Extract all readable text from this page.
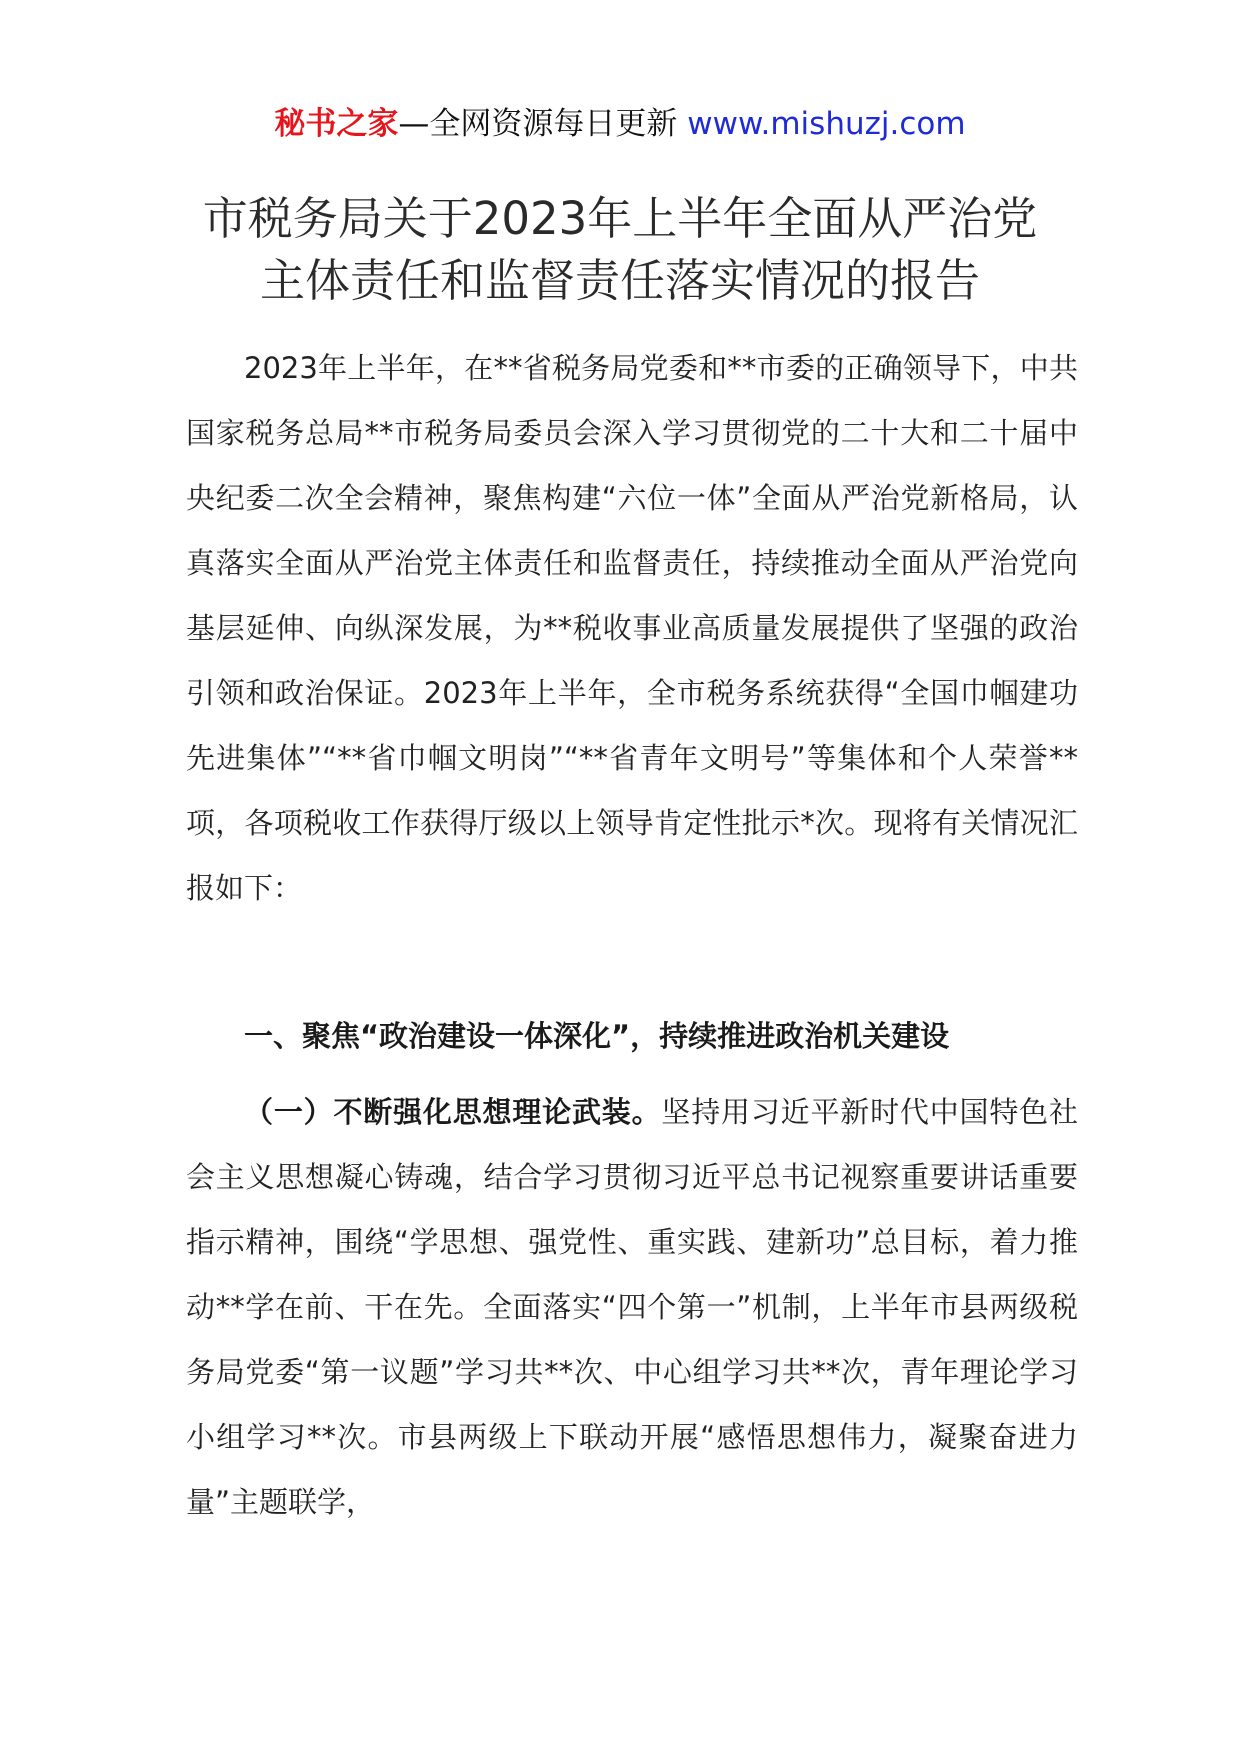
秘书之家—全网资源每日更新 www.mishuzj.com
市税务局关于2023年上半年全面从严治党
主体责任和监督责任落实情况的报告
2023年上半年，在**省税务局党委和**市委的正确领导下，中共国家税务总局**市税务局委员会深入学习贯彻党的二十大和二十届中央纪委二次全会精神，聚焦构建“六位一体”全面从严治党新格局，认真落实全面从严治党主体责任和监督责任，持续推动全面从严治党向基层延伸、向纵深发展，为**税收事业高质量发展提供了坚强的政治引领和政治保证。2023年上半年，全市税务系统获得“全国巾帼建功先进集体”“**省巾帼文明岗”“**省青年文明号”等集体和个人荣誉**项，各项税收工作获得厅级以上领导肯定性批示*次。现将有关情况汇报如下：
一、聚焦“政治建设一体深化”，持续推进政治机关建设
（一）不断强化思想理论武装。坚持用习近平新时代中国特色社会主义思想凝心铸魂，结合学习贯彻习近平总书记视察重要讲话重要指示精神，围绕“学思想、强党性、重实践、建新功”总目标，着力推动**学在前、干在先。全面落实“四个第一”机制，上半年市县两级税务局党委“第一议题”学习共**次、中心组学习共**次，青年理论学习小组学习**次。市县两级上下联动开展“感悟思想伟力，凝聚奋进力量”主题联学，
